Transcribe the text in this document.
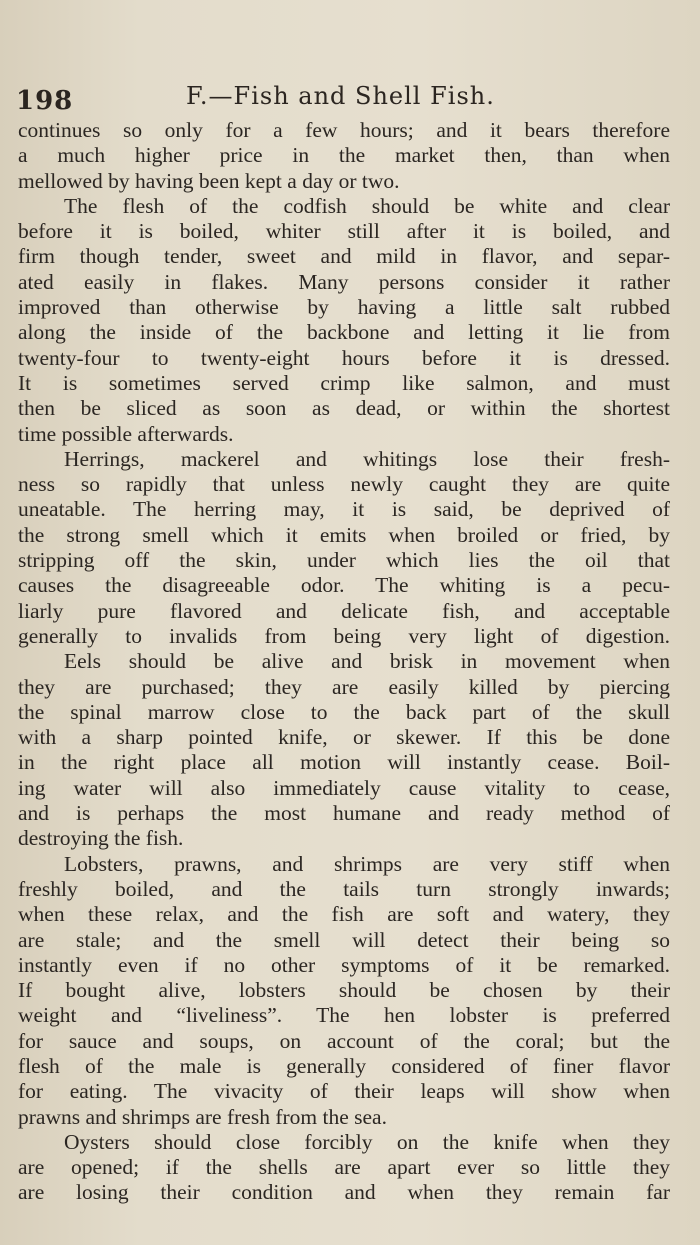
198	F.—Fish and Shell Fish.
continues so only for a few hours; and it bears therefore
a much higher price in the market then, than when
mellowed by having been kept a day or two.
The flesh of the codfish should be white and clear
before it is boiled, whiter still after it is boiled, and
firm though tender, sweet and mild in flavor, and separ-
ated easily in flakes. Many persons consider it rather
improved than otherwise by having a little salt rubbed
along the inside of the backbone and letting it lie from
twenty-four to twenty-eight hours before it is dressed.
It is sometimes served crimp like salmon, and must
then be sliced as soon as dead, or within the shortest
time possible afterwards.
Herrings, mackerel and whitings lose their fresh-
ness so rapidly that unless newly caught they are quite
uneatable. The herring may, it is said, be deprived of
the strong smell which it emits when broiled or fried, by
stripping off the skin, under which lies the oil that
causes the disagreeable odor. The whiting is a pecu-
liarly pure flavored and delicate fish, and acceptable
generally to invalids from being very light of digestion.
Eels should be alive and brisk in movement when
they are purchased; they are easily killed by piercing
the spinal marrow close to the back part of the skull
with a sharp pointed knife, or skewer. If this be done
in the right place all motion will instantly cease. Boil-
ing water will also immediately cause vitality to cease,
and is perhaps the most humane and ready method of
destroying the fish.
Lobsters, prawns, and shrimps are very stiff when
freshly boiled, and the tails turn strongly inwards;
when these relax, and the fish are soft and watery, they
are stale; and the smell will detect their being so
instantly even if no other symptoms of it be remarked.
If bought alive, lobsters should be chosen by their
weight and “liveliness”. The hen lobster is preferred
for sauce and soups, on account of the coral; but the
flesh of the male is generally considered of finer flavor
for eating. The vivacity of their leaps will show when
prawns and shrimps are fresh from the sea.
Oysters should close forcibly on the knife when they
are opened; if the shells are apart ever so little they
are losing their condition and when they remain far
